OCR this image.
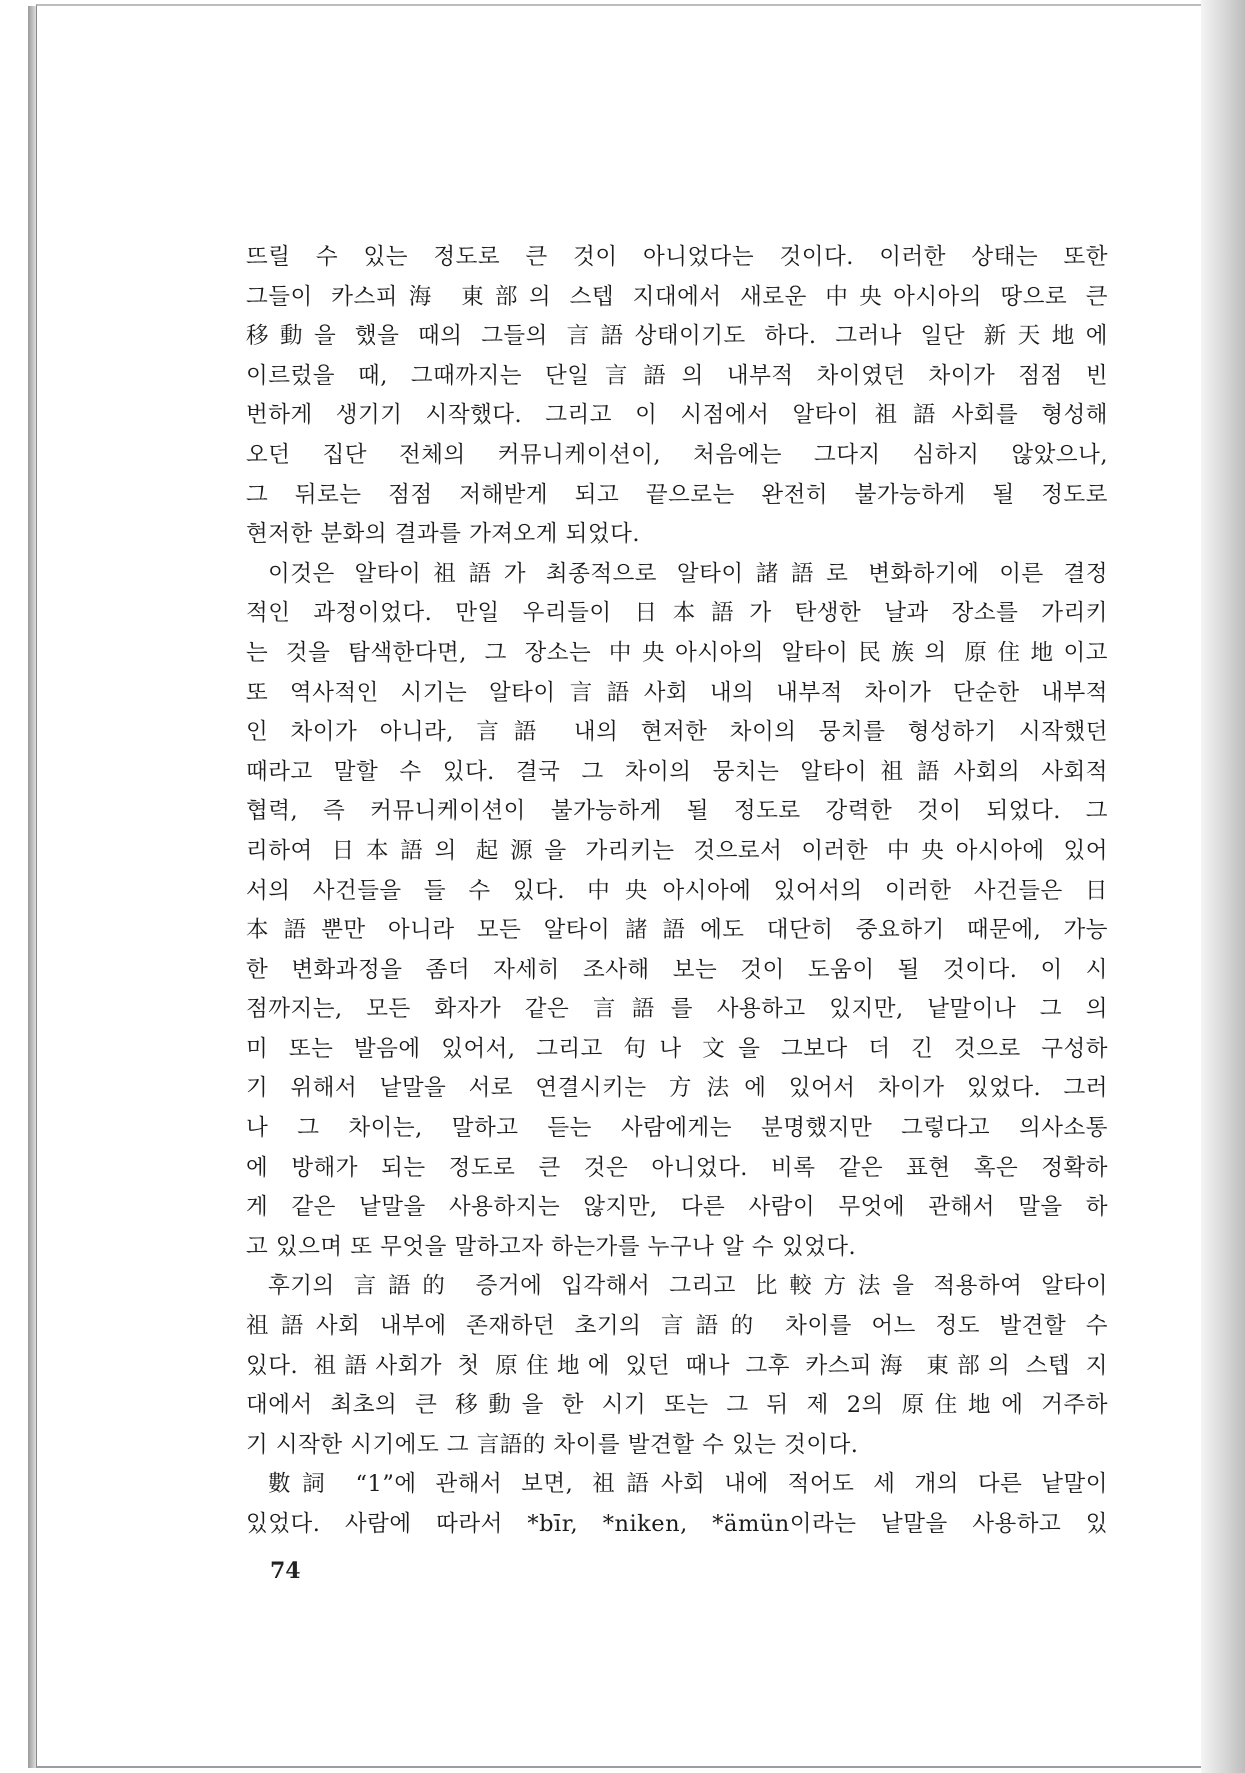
뜨릴 수 있는 정도로 큰 것이 아니었다는 것이다. 이러한 상태는 또한
그들이 카스피海 東部의 스텝 지대에서 새로운 中央아시아의 땅으로 큰
移動을 했을 때의 그들의 言語상태이기도 하다. 그러나 일단 新天地에
이르렀을 때, 그때까지는 단일言語의 내부적 차이였던 차이가 점점 빈
번하게 생기기 시작했다. 그리고 이 시점에서 알타이祖語사회를 형성해
오던 집단 전체의 커뮤니케이션이, 처음에는 그다지 심하지 않았으나,
그 뒤로는 점점 저해받게 되고 끝으로는 완전히 불가능하게 될 정도로
현저한 분화의 결과를 가져오게 되었다.
이것은 알타이祖語가 최종적으로 알타이諸語로 변화하기에 이른 결정
적인 과정이었다. 만일 우리들이 日本語가 탄생한 날과 장소를 가리키
는 것을 탐색한다면, 그 장소는 中央아시아의 알타이民族의 原住地이고
또 역사적인 시기는 알타이言語사회 내의 내부적 차이가 단순한 내부적
인 차이가 아니라, 言語 내의 현저한 차이의 뭉치를 형성하기 시작했던
때라고 말할 수 있다. 결국 그 차이의 뭉치는 알타이祖語사회의 사회적
협력, 즉 커뮤니케이션이 불가능하게 될 정도로 강력한 것이 되었다. 그
리하여 日本語의 起源을 가리키는 것으로서 이러한 中央아시아에 있어
서의 사건들을 들 수 있다. 中央아시아에 있어서의 이러한 사건들은 日
本語뿐만 아니라 모든 알타이諸語에도 대단히 중요하기 때문에, 가능
한 변화과정을 좀더 자세히 조사해 보는 것이 도움이 될 것이다. 이 시
점까지는, 모든 화자가 같은 言語를 사용하고 있지만, 낱말이나 그 의
미 또는 발음에 있어서, 그리고 句나 文을 그보다 더 긴 것으로 구성하
기 위해서 낱말을 서로 연결시키는 方法에 있어서 차이가 있었다. 그러
나 그 차이는, 말하고 듣는 사람에게는 분명했지만 그렇다고 의사소통
에 방해가 되는 정도로 큰 것은 아니었다. 비록 같은 표현 혹은 정확하
게 같은 낱말을 사용하지는 않지만, 다른 사람이 무엇에 관해서 말을 하
고 있으며 또 무엇을 말하고자 하는가를 누구나 알 수 있었다.
후기의 言語的 증거에 입각해서 그리고 比較方法을 적용하여 알타이
祖語사회 내부에 존재하던 초기의 言語的 차이를 어느 정도 발견할 수
있다. 祖語사회가 첫 原住地에 있던 때나 그후 카스피海 東部의 스텝 지
대에서 최초의 큰 移動을 한 시기 또는 그 뒤 제 2의 原住地에 거주하
기 시작한 시기에도 그 言語的 차이를 발견할 수 있는 것이다.
數詞 “1”에 관해서 보면, 祖語사회 내에 적어도 세 개의 다른 낱말이
있었다. 사람에 따라서 *bīr, *niken, *ämün이라는 낱말을 사용하고 있
74
